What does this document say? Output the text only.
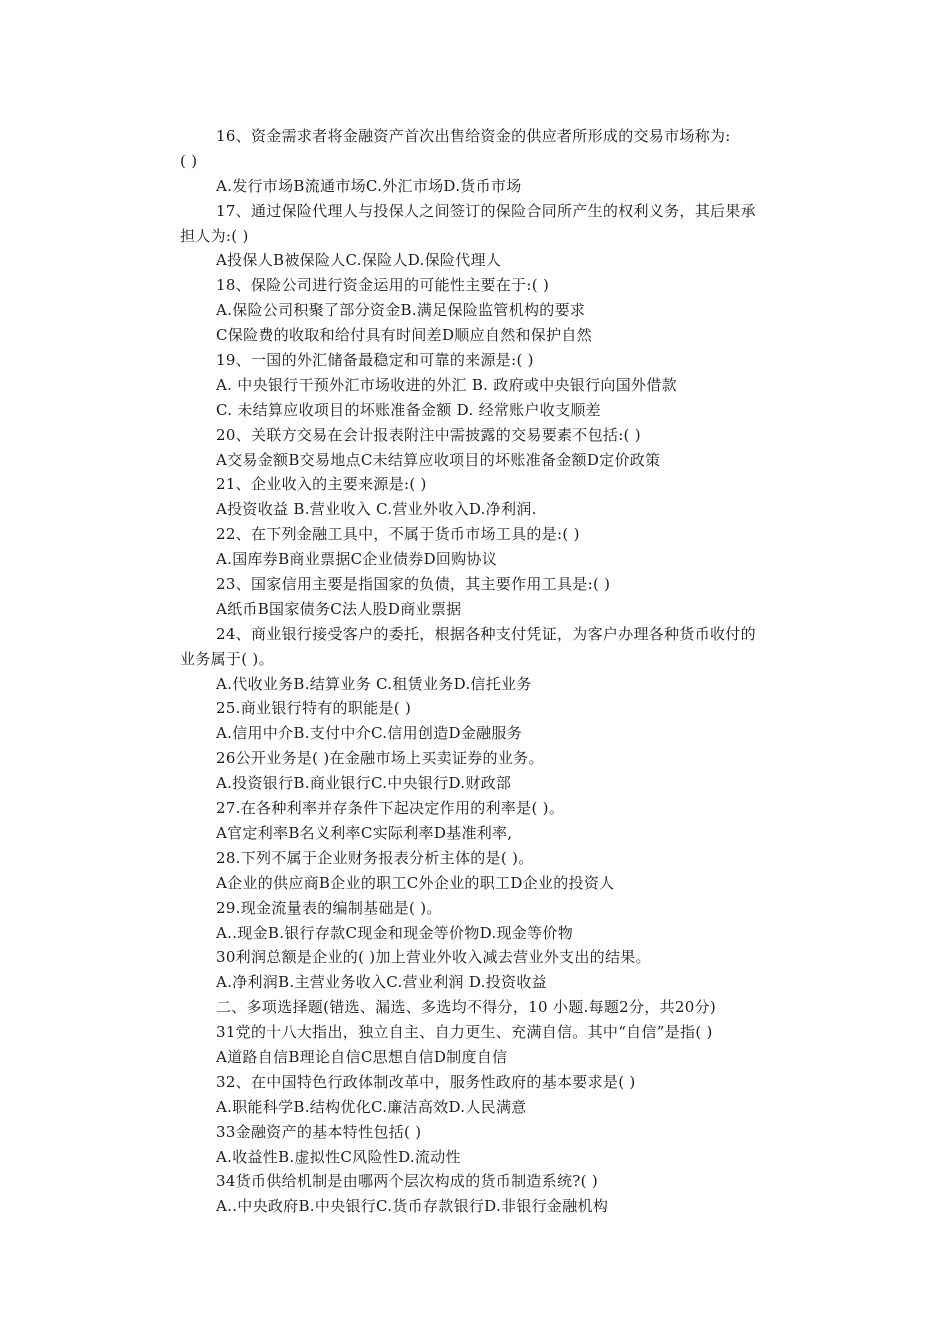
16、资金需求者将金融资产首次出售给资金的供应者所形成的交易市场称为:
( )
A.发行市场B流通市场C.外汇市场D.货币市场
17、通过保险代理人与投保人之间签订的保险合同所产生的权利义务，其后果承
担人为:( )
A投保人B被保险人C.保险人D.保险代理人
18、保险公司进行资金运用的可能性主要在于:( )
A.保险公司积聚了部分资金B.满足保险监管机构的要求
C保险费的收取和给付具有时间差D顺应自然和保护自然
19、一国的外汇储备最稳定和可靠的来源是:( )
A. 中央银行干预外汇市场收进的外汇 B. 政府或中央银行向国外借款
C. 未结算应收项目的坏账准备金额 D. 经常账户收支顺差
20、关联方交易在会计报表附注中需披露的交易要素不包括:( )
A交易金额B交易地点C未结算应收项目的坏账准备金额D定价政策
21、企业收入的主要来源是:( )
A投资收益 B.营业收入 C.营业外收入D.净利润.
22、在下列金融工具中，不属于货币市场工具的是:( )
A.国库券B商业票据C企业债券D回购协议
23、国家信用主要是指国家的负债，其主要作用工具是:( )
A纸币B国家债务C法人股D商业票据
24、商业银行接受客户的委托，根据各种支付凭证，为客户办理各种货币收付的
业务属于( )。
A.代收业务B.结算业务 C.租赁业务D.信托业务
25.商业银行特有的职能是( )
A.信用中介B.支付中介C.信用创造D金融服务
26公开业务是( )在金融市场上买卖证券的业务。
A.投资银行B.商业银行C.中央银行D.财政部
27.在各种利率并存条件下起决定作用的利率是( )。
A官定利率B名义利率C实际利率D基准利率,
28.下列不属于企业财务报表分析主体的是( )。
A企业的供应商B企业的职工C外企业的职工D企业的投资人
29.现金流量表的编制基础是( )。
A..现金B.银行存款C现金和现金等价物D.现金等价物
30利润总额是企业的( )加上营业外收入减去营业外支出的结果。
A.净利润B.主营业务收入C.营业利润 D.投资收益
二、多项选择题(错选、漏选、多选均不得分，10 小题.每题2分，共20分)
31党的十八大指出，独立自主、自力更生、充满自信。其中“自信”是指( )
A道路自信B理论自信C思想自信D制度自信
32、在中国特色行政体制改革中，服务性政府的基本要求是( )
A.职能科学B.结构优化C.廉洁高效D.人民满意
33金融资产的基本特性包括( )
A.收益性B.虚拟性C风险性D.流动性
34货币供给机制是由哪两个层次构成的货币制造系统?( )
A..中央政府B.中央银行C.货币存款银行D.非银行金融机构
